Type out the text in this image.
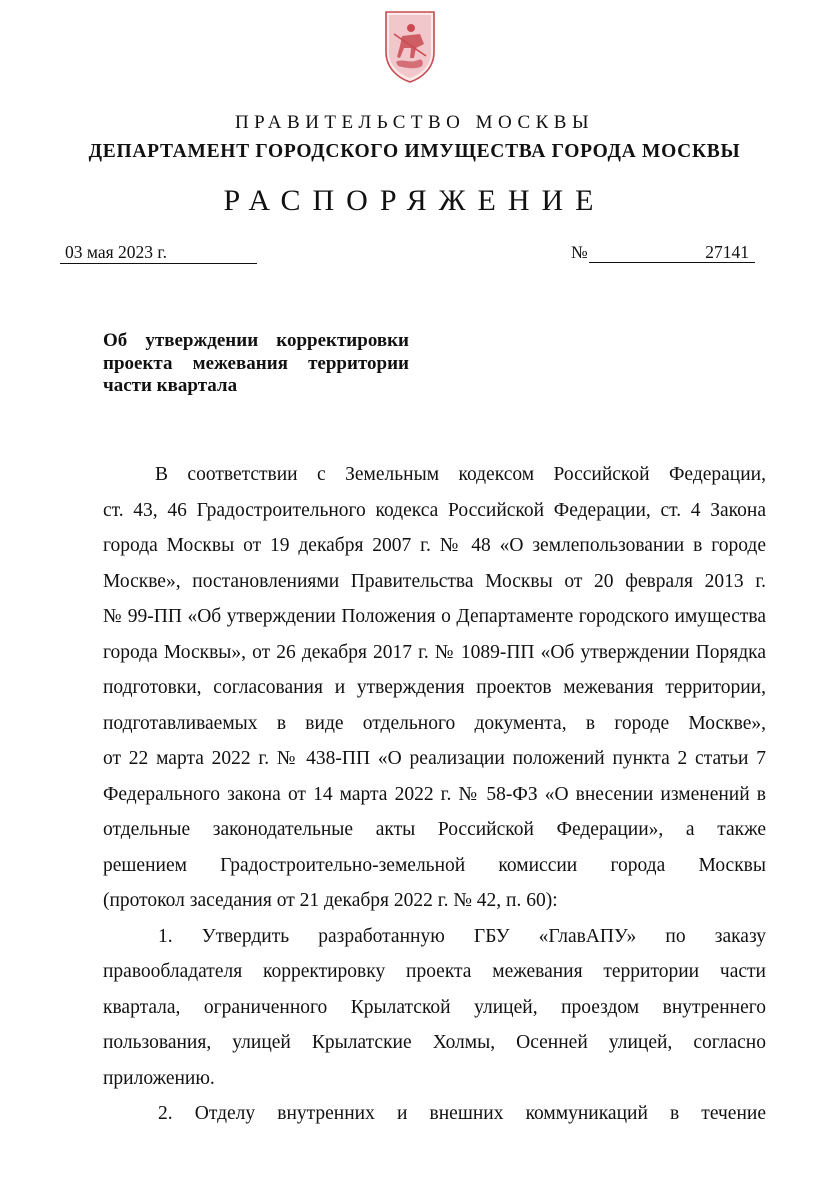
ПРАВИТЕЛЬСТВО МОСКВЫ
ДЕПАРТАМЕНТ ГОРОДСКОГО ИМУЩЕСТВА ГОРОДА МОСКВЫ
РАСПОРЯЖЕНИЕ
03 мая 2023 г.	№	27141
Об утверждении корректировки
проекта межевания территории
части квартала
В соответствии с Земельным кодексом Российской Федерации,
ст. 43, 46 Градостроительного кодекса Российской Федерации, ст. 4 Закона
города Москвы от 19 декабря 2007 г. № 48 «О землепользовании в городе
Москве», постановлениями Правительства Москвы от 20 февраля 2013 г.
№ 99-ПП «Об утверждении Положения о Департаменте городского имущества
города Москвы», от 26 декабря 2017 г. № 1089-ПП «Об утверждении Порядка
подготовки, согласования и утверждения проектов межевания территории,
подготавливаемых в виде отдельного документа, в городе Москве»,
от 22 марта 2022 г. № 438-ПП «О реализации положений пункта 2 статьи 7
Федерального закона от 14 марта 2022 г. № 58-ФЗ «О внесении изменений в
отдельные законодательные акты Российской Федерации», а также
решением Градостроительно-земельной комиссии города Москвы
(протокол заседания от 21 декабря 2022 г. № 42, п. 60):
1. Утвердить разработанную ГБУ «ГлавАПУ» по заказу
правообладателя корректировку проекта межевания территории части
квартала, ограниченного Крылатской улицей, проездом внутреннего
пользования, улицей Крылатские Холмы, Осенней улицей, согласно
приложению.
2. Отделу внутренних и внешних коммуникаций в течение
